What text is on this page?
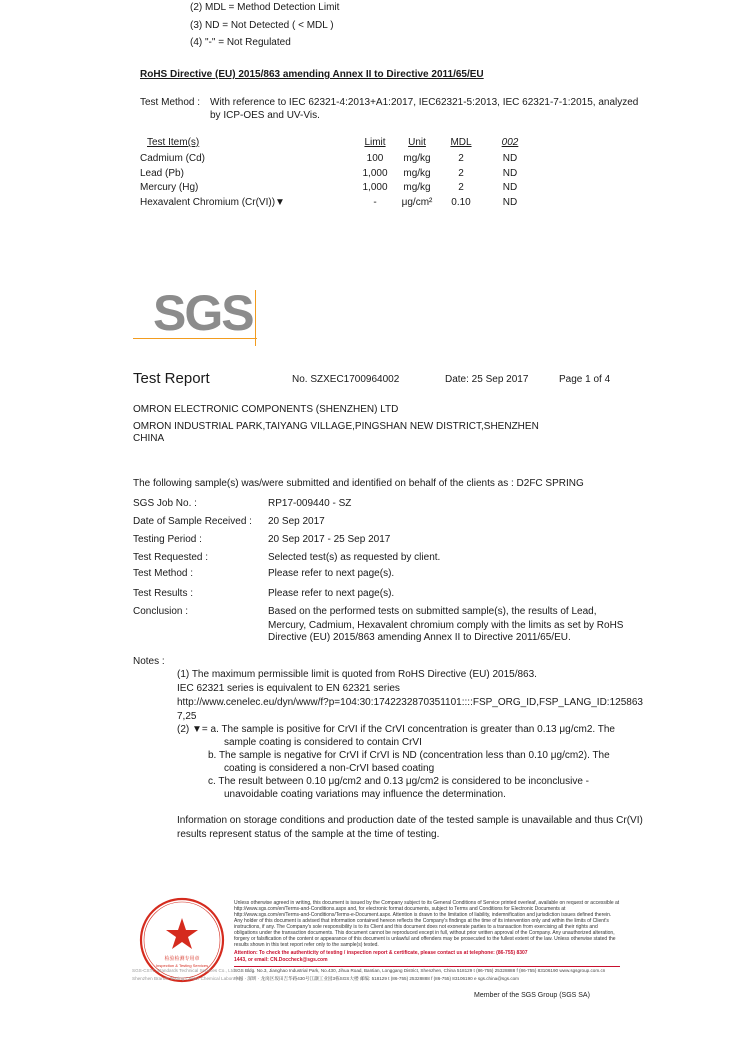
(2) MDL = Method Detection Limit
(3) ND = Not Detected ( < MDL )
(4) "-" = Not Regulated
RoHS Directive (EU) 2015/863 amending Annex II to Directive 2011/65/EU
Test Method : With reference to IEC 62321-4:2013+A1:2017, IEC62321-5:2013, IEC 62321-7-1:2015, analyzed
by ICP-OES and UV-Vis.
Test Item(s)	Limit	Unit	MDL	002
Cadmium (Cd)	100	mg/kg	2	ND
Lead (Pb)	1,000	mg/kg	2	ND
Mercury (Hg)	1,000	mg/kg	2	ND
Hexavalent Chromium (Cr(VI))▼	-	μg/cm²	0.10	ND
SGS
Test Report	No. SZXEC1700964002	Date: 25 Sep 2017	Page 1 of 4
OMRON ELECTRONIC COMPONENTS (SHENZHEN) LTD
OMRON INDUSTRIAL PARK,TAIYANG VILLAGE,PINGSHAN NEW DISTRICT,SHENZHEN
CHINA
The following sample(s) was/were submitted and identified on behalf of the clients as : D2FC SPRING
SGS Job No. :	RP17-009440 - SZ
Date of Sample Received : 20 Sep 2017
Testing Period :	20 Sep 2017 - 25 Sep 2017
Test Requested :	Selected test(s) as requested by client.
Test Method :	Please refer to next page(s).
Test Results :	Please refer to next page(s).
Conclusion :	Based on the performed tests on submitted sample(s), the results of Lead,
Mercury, Cadmium, Hexavalent chromium comply with the limits as set by RoHS
Directive (EU) 2015/863 amending Annex II to Directive 2011/65/EU.
Notes :
(1) The maximum permissible limit is quoted from RoHS Directive (EU) 2015/863.
IEC 62321 series is equivalent to EN 62321 series
http://www.cenelec.eu/dyn/www/f?p=104:30:1742232870351101::::FSP_ORG_ID,FSP_LANG_ID:125863
7,25
(2) ▼= a. The sample is positive for CrVI if the CrVI concentration is greater than 0.13 μg/cm2. The
sample coating is considered to contain CrVI
b. The sample is negative for CrVI if CrVI is ND (concentration less than 0.10 μg/cm2). The
coating is considered a non-CrVI based coating
c. The result between 0.10 μg/cm2 and 0.13 μg/cm2 is considered to be inconclusive -
unavoidable coating variations may influence the determination.
Information on storage conditions and production date of the tested sample is unavailable and thus Cr(VI)
results represent status of the sample at the time of testing.
检验检测专用章
Inspection & Testing Services
Unless otherwise agreed in writing, this document is issued by the Company subject to its General Conditions of Service printed overleaf, available on request or accessible at http://www.sgs.com/en/Terms-and-Conditions.aspx and, for electronic format documents, subject to Terms and Conditions for Electronic Documents at http://www.sgs.com/en/Terms-and-Conditions/Terms-e-Document.aspx. Attention is drawn to the limitation of liability, indemnification and jurisdiction issues defined therein. Any holder of this document is advised that information contained hereon reflects the Company's findings at the time of its intervention only and within the limits of Client's instructions, if any. The Company's sole responsibility is to its Client and this document does not exonerate parties to a transaction from exercising all their rights and obligations under the transaction documents. This document cannot be reproduced except in full, without prior written approval of the Company. Any unauthorized alteration, forgery or falsification of the content or appearance of this document is unlawful and offenders may be prosecuted to the fullest extent of the law. Unless otherwise stated the results shown in this test report refer only to the sample(s) tested.
Attention: To check the authenticity of testing / inspection report & certificate, please contact us at telephone: (86-755) 8307
1443, or email: CN.Doccheck@sgs.com
SGS Bldg. No.3, Jianghao Industrial Park, No.430, Jihua Road, Bantian, Longgang District, Shenzhen, China 518129 t (86-755) 25328888 f (86-755) 83106190 www.sgsgroup.com.cn
中国 · 深圳 · 龙岗区坂田吉华路430号江灏工业园3栋SGS大楼 邮编: 518129 t (86-755) 25328888 f (86-755) 83106190 e sgs.china@sgs.com
SGS-CSTC Standards Technical Services Co., Ltd
Shenzhen Branch Testing Center Chemical Laboratory
Member of the SGS Group (SGS SA)
